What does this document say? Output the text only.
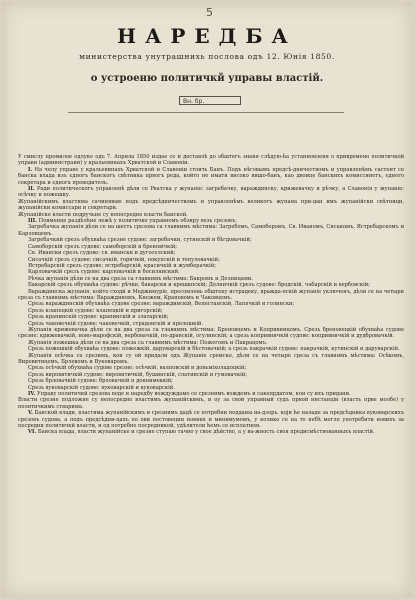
5
НАРЕДБА
министерства унутрашнихь послова одъ 12. Юнiя 1850.
о устроеню политичкй управы властiй.
Вн. бр.

У смислу премилое одлуке одъ 7. Априла 1850 издае се и доставлѣ до обштегъ знаня слѣдую-ћа устанновленя о привремено политичкой управи (администраии) у кральевинахъ Хрватской и Славонiи.

I. На челу управе у кральевинахъ Хрватской и Славонiи стоить Банъ. Подъ нѣговымъ предсѣ-дничествомъ и управленѣмъ састоит се банска влада изъ єдногъ банскогъ свѣтника првогъ реда, който не имати високо вишо-банъ, као двоице банскихъ комиссинетъ, єдного секретара и єднога преводитель.

II. Ради политическогъ управленѣ дѣли се Рватска у жупанiе: загребачку, вараждинску, крижевачку и рѣчку, а Славонiя у жупанiе: осѣчку и пожешку.

Жупанiйскимъ властима сачиняваю подъ предсѣдничествомъ и управленѣмъ великогъ жупана при-дан имъ жупанiйски свѣтници, жупанiйски комиссари и секретари.

Жупанiйске власти подручьне су непосредно власти банской.

III. Поименце раздѣлѣне лежѣ у политичко управномъ обзиру везь срезовъ:

Загребачка жупанiя дѣли се на шесть срезова са главнимъ мѣстима: Загребомъ, Самоборомъ, Св. Иваномъ, Сисакомъ, Ястребарскомъ и Карловцемъ.

Загребачкий срезъ обухваћа срезне судове: загребачки, сутинскiй и бѣгдовачкiй;

Самоборскiй срезъ судове: самоборскiй и бреновiчкiй;

Св. Ивански срезъ судове: св. ивански и дугоселский;

Сисачкiй срезъ судове: сисачкiй, горичкiй, покупскiй и топуловачкiй;

Ястребарскiй срезъ судове: ястребарскiй, красичкiй и жумберачкiй;

Карловачкiй срезъ судове: карловачкiй и босиляиский.

Рѣчка жупанiя дѣли се на два среза са главнимъ мѣстима: Бакромъ и Делницами.

Бакарскiй срезъ обухваћа судове: рѣчки, бакарски и крешкпскiй; Делничкiй срезъ судове: брoдскiй, чабарскiй и вербовскiй;

Вараждинска жупанiя, който сходй и Меджимурiе, пресомлень обштеку истрадеку, вражда-пскiй жупанiе уключенъ, дѣли се на четыри среза съ главнимъ мѣстима: Вараждиномъ, Кнежем, Краповомъ и Чаковцемъ.

Срезь вараждинскiй обухваћа судове срезне: вараждинскiй, Вепестанскiй, Лаппчкiй и голински;

Срезь клапецкiй судове: клапецкiй и пригорскiй;

Срезь крапинскiй судове: крапинскiй и златарскiй;

Срезь чаковечкiй судове: чаковечкiй, страдонскiй и прелошкiй.

Жупанiя крижевачка дѣли се на два среза са главнимъ мѣстима: Бреновцемъ и Копривницомъ. Срезь бреновецкiй обухваћа судове срезне: крижевачкiй, ново-марофскiй, вербовачкiй, по-дравскiй, огулинскiй; а срезь копривничкiй судове: копривничкiй и дудбровачкiй.

Жупанiя пожешка дѣли се на два среза са главнимъ мѣстима: Пожегомъ и Пакрацомъ.

Срезь пожешкiй обухваћа судове: пожежкiй, даруварскiй и бѣстовачкiй; а срезь пакрачкiй судове: пакрачкiй, кутинскiй и даруварскiй.

Жупанiя осѣчка са срезимъ, кои су ой придали одъ Жупанiе сремске, дѣли се на четыре среза съ главнимъ мѣстима: Осѣкомъ, Вировитицомъ, Брлевомъ и Вуковаромъ.

Срезь осѣчкiй обухваћа судове срезне: осѣчкiй, валповскiй и доньмiхоладоцкiй;

Срезь вировитичкiй судове: вировитичкiй, бушинскiй, слатинскiй и гумовачкiй;

Срезь брловачкiй судове: брловачкiй и доннимеккiй;

Срезь вуковарскiй судове: вуковарскiй и вуковарскiй.

IV. Управу политичкй срезова воде и наредбу вождуждамо се срезнимъ вождемъ и сакепрдатом, кои су ихъ придани.

Власти срезне подложне су непосредно властимъ жупанiйскимъ, и оу за свой управный судъ првой инстанцiи (власть прве молбе) у политичкимъ стварима.

V. Банской влади, властима жупанiйскимъ и срезнимъ дадѣ се потребни подданы на-дзорь. који ће наладе за предсѣдника вуковарскихъ срезовъ судова, а подъ предсѣдни-цахъ по ови постовеции новиих и минимумомъ, у колико се на то небѣ могло употребити новихъ за посредни политичкй власти, и од потребне посредникой, удѣлители ћемъ се исплатнем.

VI. Банска влада, власти жупанiйске и срезне ступаю тачно у свое дѣйство, а у ва-жность своя предисмѣствованныхъ властiй.
